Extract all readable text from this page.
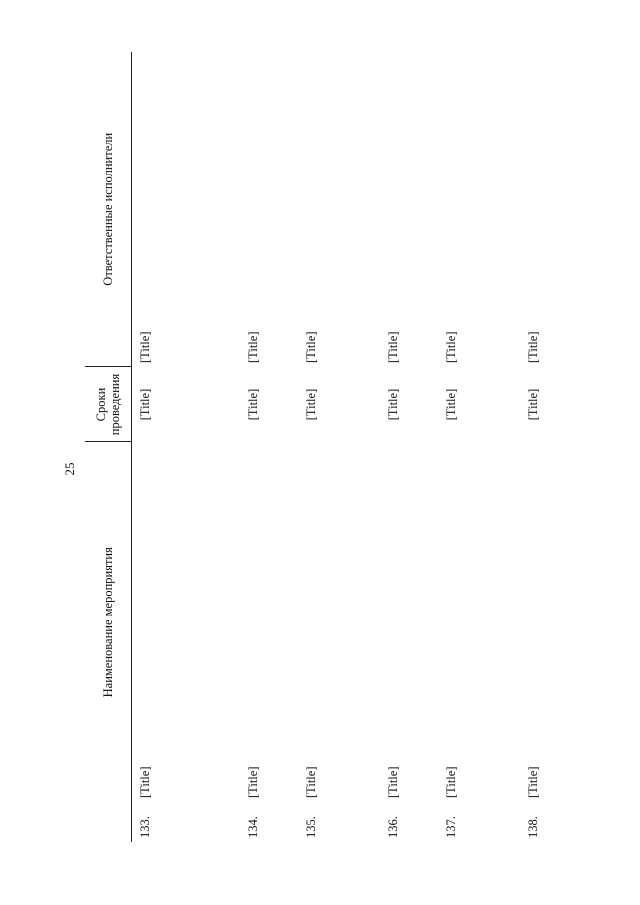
25
	Наименование мероприятия	Сроки проведения	Ответственные исполнители
133.	[Title]	[Title]	[Title]
134.	[Title]	[Title]	[Title]
135.	[Title]	[Title]	[Title]
136.	[Title]	[Title]	[Title]
137.	[Title]	[Title]	[Title]
138.	[Title]	[Title]	[Title]
